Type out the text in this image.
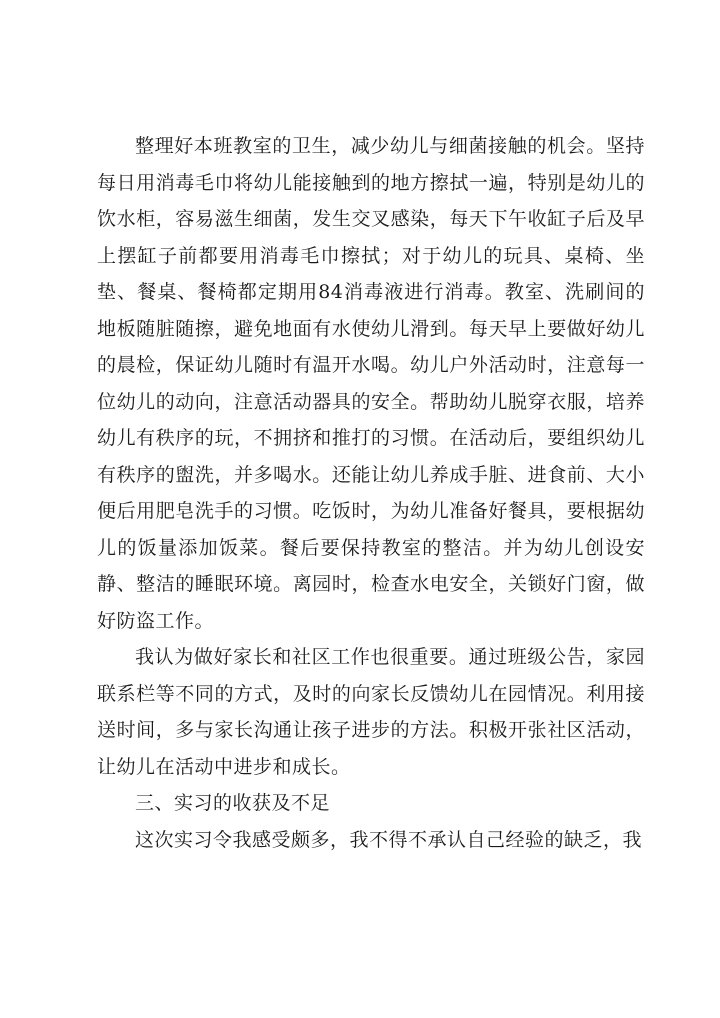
整理好本班教室的卫生，减少幼儿与细菌接触的机会。坚持每日用消毒毛巾将幼儿能接触到的地方擦拭一遍，特别是幼儿的饮水柜，容易滋生细菌，发生交叉感染，每天下午收缸子后及早上摆缸子前都要用消毒毛巾擦拭；对于幼儿的玩具、桌椅、坐垫、餐桌、餐椅都定期用84消毒液进行消毒。教室、洗刷间的地板随脏随擦，避免地面有水使幼儿滑到。每天早上要做好幼儿的晨检，保证幼儿随时有温开水喝。幼儿户外活动时，注意每一位幼儿的动向，注意活动器具的安全。帮助幼儿脱穿衣服，培养幼儿有秩序的玩，不拥挤和推打的习惯。在活动后，要组织幼儿有秩序的盥洗，并多喝水。还能让幼儿养成手脏、进食前、大小便后用肥皂洗手的习惯。吃饭时，为幼儿准备好餐具，要根据幼儿的饭量添加饭菜。餐后要保持教室的整洁。并为幼儿创设安静、整洁的睡眠环境。离园时，检查水电安全，关锁好门窗，做好防盗工作。

我认为做好家长和社区工作也很重要。通过班级公告，家园联系栏等不同的方式，及时的向家长反馈幼儿在园情况。利用接送时间，多与家长沟通让孩子进步的方法。积极开张社区活动，让幼儿在活动中进步和成长。

三、实习的收获及不足

这次实习令我感受颇多，我不得不承认自己经验的缺乏，我
